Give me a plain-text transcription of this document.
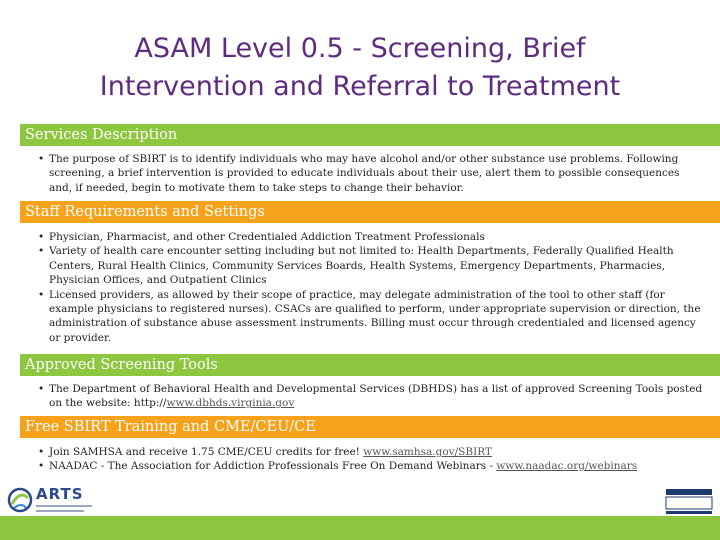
ASAM Level 0.5 - Screening, Brief
Intervention and Referral to Treatment
Services Description
• The purpose of SBIRT is to identify individuals who may have alcohol and/or other substance use problems. Following screening, a brief intervention is provided to educate individuals about their use, alert them to possible consequences and, if needed, begin to motivate them to take steps to change their behavior.
Staff Requirements and Settings
• Physician, Pharmacist, and other Credentialed Addiction Treatment Professionals
• Variety of health care encounter setting including but not limited to: Health Departments, Federally Qualified Health Centers, Rural Health Clinics, Community Services Boards, Health Systems, Emergency Departments, Pharmacies, Physician Offices, and Outpatient Clinics
• Licensed providers, as allowed by their scope of practice, may delegate administration of the tool to other staff (for example physicians to registered nurses). CSACs are qualified to perform, under appropriate supervision or direction, the administration of substance abuse assessment instruments. Billing must occur through credentialed and licensed agency or provider.
Approved Screening Tools
• The Department of Behavioral Health and Developmental Services (DBHDS) has a list of approved Screening Tools posted on the website: http://www.dbhds.virginia.gov
Free SBIRT Training and CME/CEU/CE
• Join SAMHSA and receive 1.75 CME/CEU credits for free! www.samhsa.gov/SBIRT
• NAADAC - The Association for Addiction Professionals Free On Demand Webinars - www.naadac.org/webinars
ARTS
